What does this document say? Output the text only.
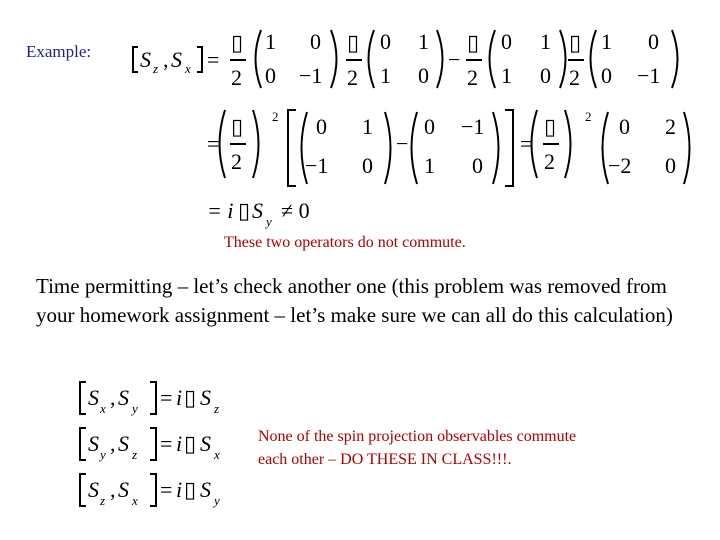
Example: S z , S x =
▯
2
1 0
0 −1
▯
2
0 1
1 0
−
▯
2
0 1
1 0
▯
2
1 0
0 −1
=
▯
2
2 0 1
−1 0
−
0 −1
1 0
=
▯
2
2 0 2
−2 0
= i ▯ S y ≠ 0
S x , S y = i ▯ S z
S y , S z = i ▯ S x
S z , S x = i ▯ S y
These two operators do not commute.
Time permitting – let’s check another one (this problem was removed from your homework assignment – let’s make sure we can all do this calculation)
None of the spin projection observables commute each other – DO THESE IN CLASS!!!.
